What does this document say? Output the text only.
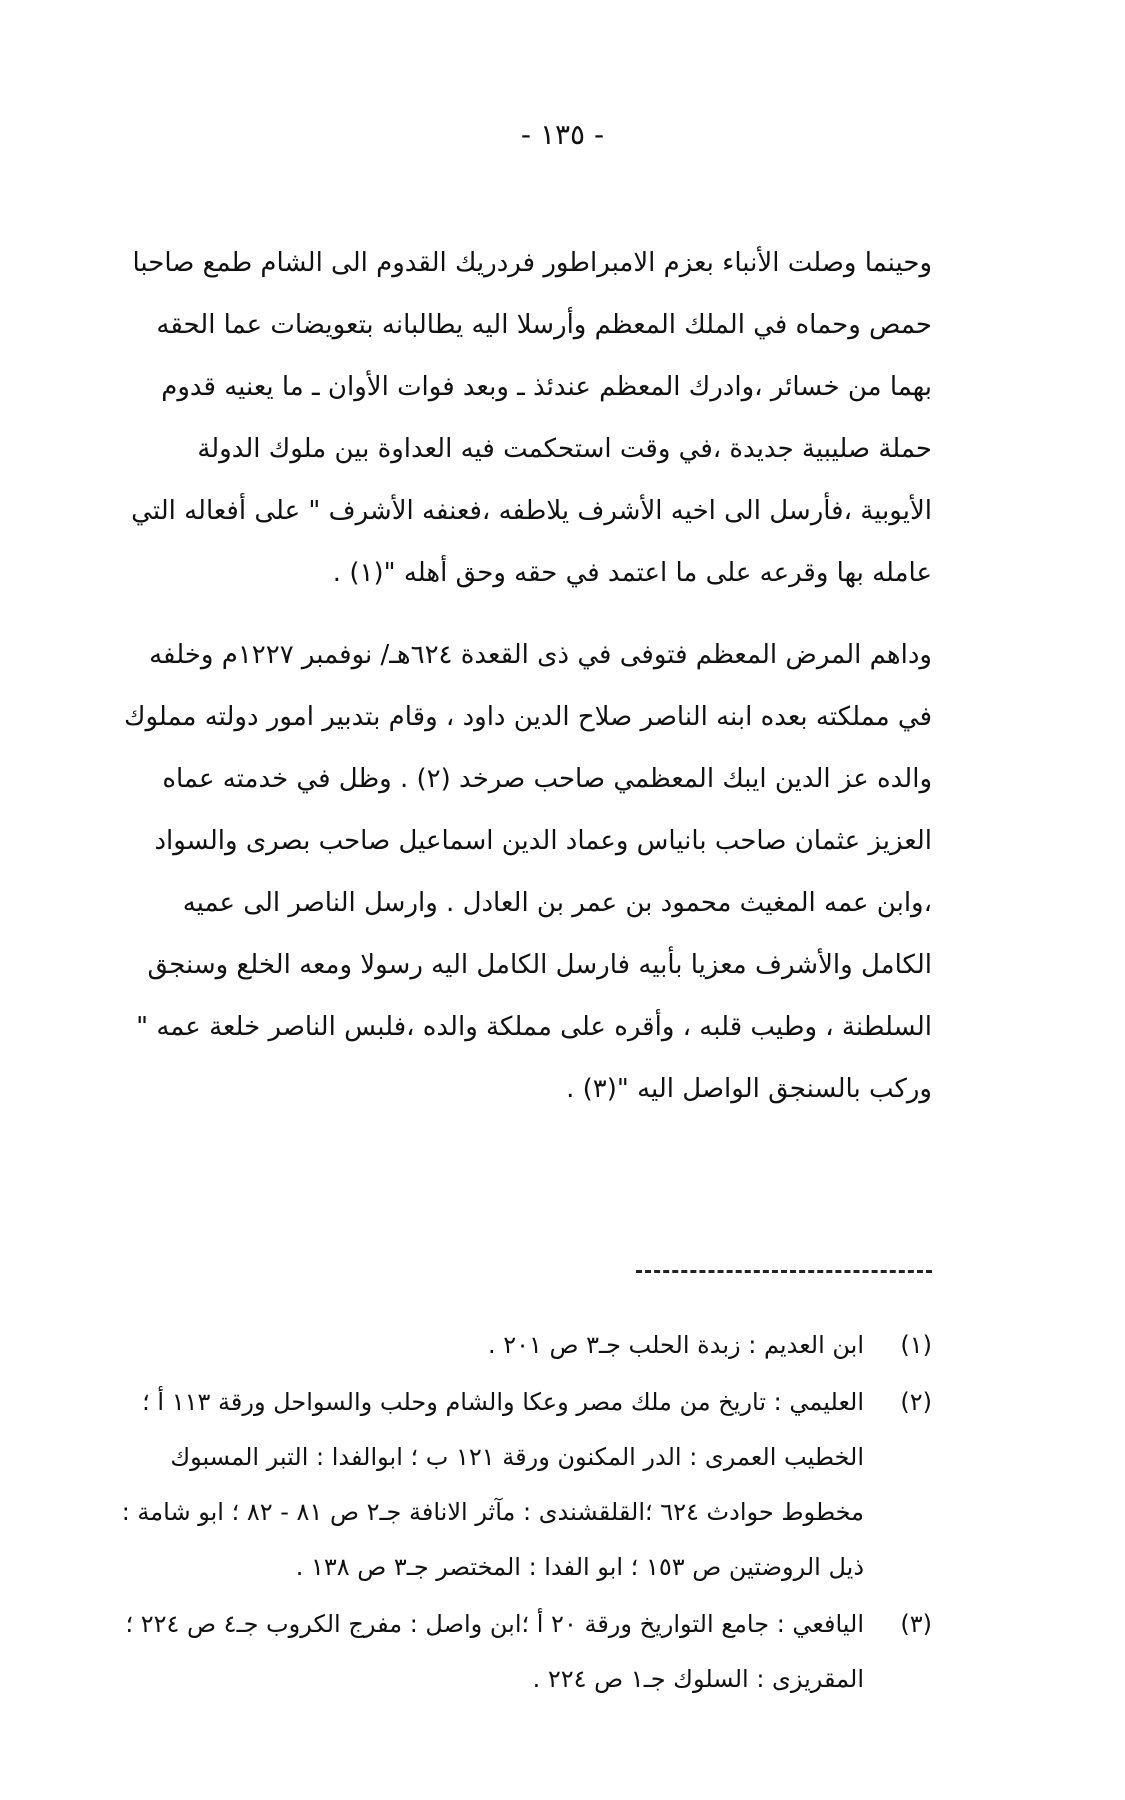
- ١٣٥ -

وحينما وصلت الأنباء بعزم الامبراطور فردريك القدوم الى الشام طمع صاحبا حمص وحماه في الملك المعظم وأرسلا اليه يطالبانه بتعويضات عما الحقه بهما من خسائر ،وادرك المعظم عندئذ ـ وبعد فوات الأوان ـ ما يعنيه قدوم حملة صليبية جديدة ،في وقت استحكمت فيه العداوة بين ملوك الدولة الأيوبية ،فأرسل الى اخيه الأشرف يلاطفه ،فعنفه الأشرف " على أفعاله التي عامله بها وقرعه على ما اعتمد في حقه وحق أهله "(١) .

وداهم المرض المعظم فتوفى في ذى القعدة ٦٢٤هـ/ نوفمبر ١٢٢٧م وخلفه في مملكته بعده ابنه الناصر صلاح الدين داود ، وقام بتدبير امور دولته مملوك والده عز الدين ايبك المعظمي صاحب صرخد (٢) . وظل في خدمته عماه العزيز عثمان صاحب بانياس وعماد الدين اسماعيل صاحب بصرى والسواد ،وابن عمه المغيث محمود بن عمر بن العادل . وارسل الناصر الى عميه الكامل والأشرف معزيا بأبيه فارسل الكامل اليه رسولا ومعه الخلع وسنجق السلطنة ، وطيب قلبه ، وأقره على مملكة والده ،فلبس الناصر خلعة عمه " وركب بالسنجق الواصل اليه "(٣) .

(١)
ابن العديم : زبدة الحلب جـ٣ ص ٢٠١ .
(٢)
العليمي : تاريخ من ملك مصر وعكا والشام وحلب والسواحل ورقة ١١٣ أ ؛الخطيب العمرى : الدر المكنون ورقة ١٢١ ب ؛ ابوالفدا : التبر المسبوك مخطوط حوادث ٦٢٤ ؛القلقشندى : مآثر الانافة جـ٢ ص ٨١ - ٨٢ ؛ ابو شامة : ذيل الروضتين ص ١٥٣ ؛ ابو الفدا : المختصر جـ٣ ص ١٣٨ .
(٣)
اليافعي : جامع التواريخ ورقة ٢٠ أ ؛ابن واصل : مفرج الكروب جـ٤ ص ٢٢٤ ؛المقريزى : السلوك جـ١ ص ٢٢٤ .
